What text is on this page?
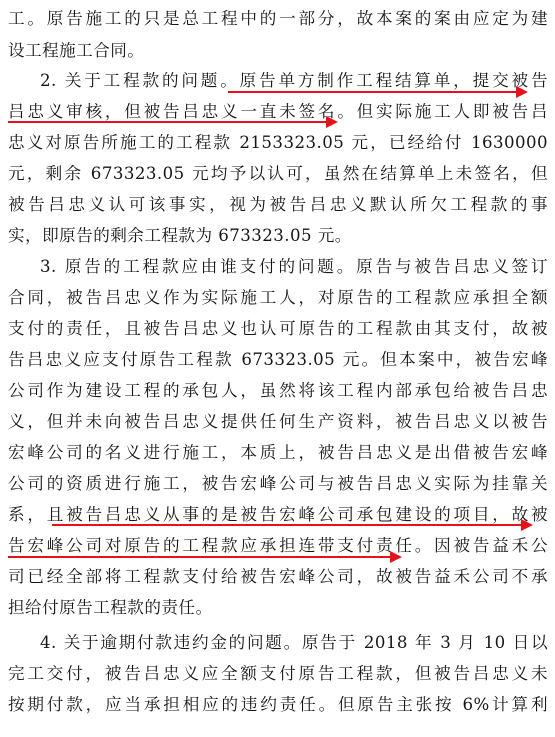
工。原告施工的只是总工程中的一部分，故本案的案由应定为建
设工程施工合同。
2. 关于工程款的问题。原告单方制作工程结算单，提交被告
吕忠义审核，但被告吕忠义一直未签名。但实际施工人即被告吕
忠义对原告所施工的工程款 2153323.05 元，已经给付 1630000
元，剩余 673323.05 元均予以认可，虽然在结算单上未签名，但
被告吕忠义认可该事实，视为被告吕忠义默认所欠工程款的事
实，即原告的剩余工程款为 673323.05 元。
3. 原告的工程款应由谁支付的问题。原告与被告吕忠义签订
合同，被告吕忠义作为实际施工人，对原告的工程款应承担全额
支付的责任，且被告吕忠义也认可原告的工程款由其支付，故被
告吕忠义应支付原告工程款 673323.05 元。但本案中，被告宏峰
公司作为建设工程的承包人，虽然将该工程内部承包给被告吕忠
义，但并未向被告吕忠义提供任何生产资料，被告吕忠义以被告
宏峰公司的名义进行施工，本质上，被告吕忠义是出借被告宏峰
公司的资质进行施工，被告宏峰公司与被告吕忠义实际为挂靠关
系，且被告吕忠义从事的是被告宏峰公司承包建设的项目，故被
告宏峰公司对原告的工程款应承担连带支付责任。因被告益禾公
司已经全部将工程款支付给被告宏峰公司，故被告益禾公司不承
担给付原告工程款的责任。
4. 关于逾期付款违约金的问题。原告于 2018 年 3 月 10 日以
完工交付，被告吕忠义应全额支付原告工程款，但被告吕忠义未
按期付款，应当承担相应的违约责任。但原告主张按 6%计算利
